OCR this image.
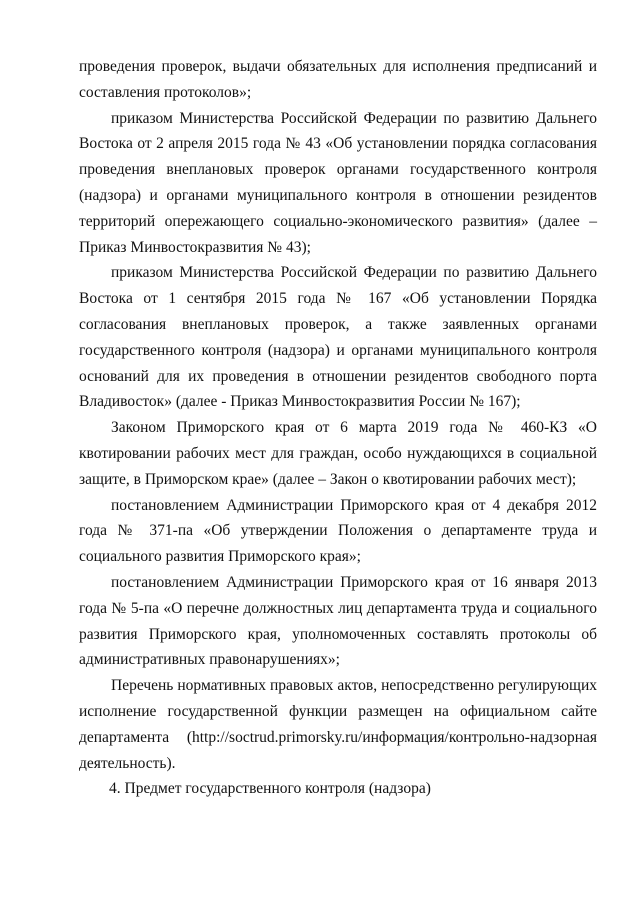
проведения проверок, выдачи обязательных для исполнения предписаний и составления протоколов»;

приказом Министерства Российской Федерации по развитию Дальнего Востока от 2 апреля 2015 года № 43 «Об установлении порядка согласования проведения внеплановых проверок органами государственного контроля (надзора) и органами муниципального контроля в отношении резидентов территорий опережающего социально-экономического развития» (далее – Приказ Минвостокразвития № 43);

приказом Министерства Российской Федерации по развитию Дальнего Востока от 1 сентября 2015 года № 167 «Об установлении Порядка согласования внеплановых проверок, а также заявленных органами государственного контроля (надзора) и органами муниципального контроля оснований для их проведения в отношении резидентов свободного порта Владивосток» (далее - Приказ Минвостокразвития России № 167);

Законом Приморского края от 6 марта 2019 года № 460-КЗ «О квотировании рабочих мест для граждан, особо нуждающихся в социальной защите, в Приморском крае» (далее – Закон о квотировании рабочих мест);

постановлением Администрации Приморского края от 4 декабря 2012 года № 371-па «Об утверждении Положения о департаменте труда и социального развития Приморского края»;

постановлением Администрации Приморского края от 16 января 2013 года № 5-па «О перечне должностных лиц департамента труда и социального развития Приморского края, уполномоченных составлять протоколы об административных правонарушениях»;

Перечень нормативных правовых актов, непосредственно регулирующих исполнение государственной функции размещен на официальном сайте департамента (http://soctrud.primorsky.ru/информация/контрольно-надзорная деятельность).

4. Предмет государственного контроля (надзора)
